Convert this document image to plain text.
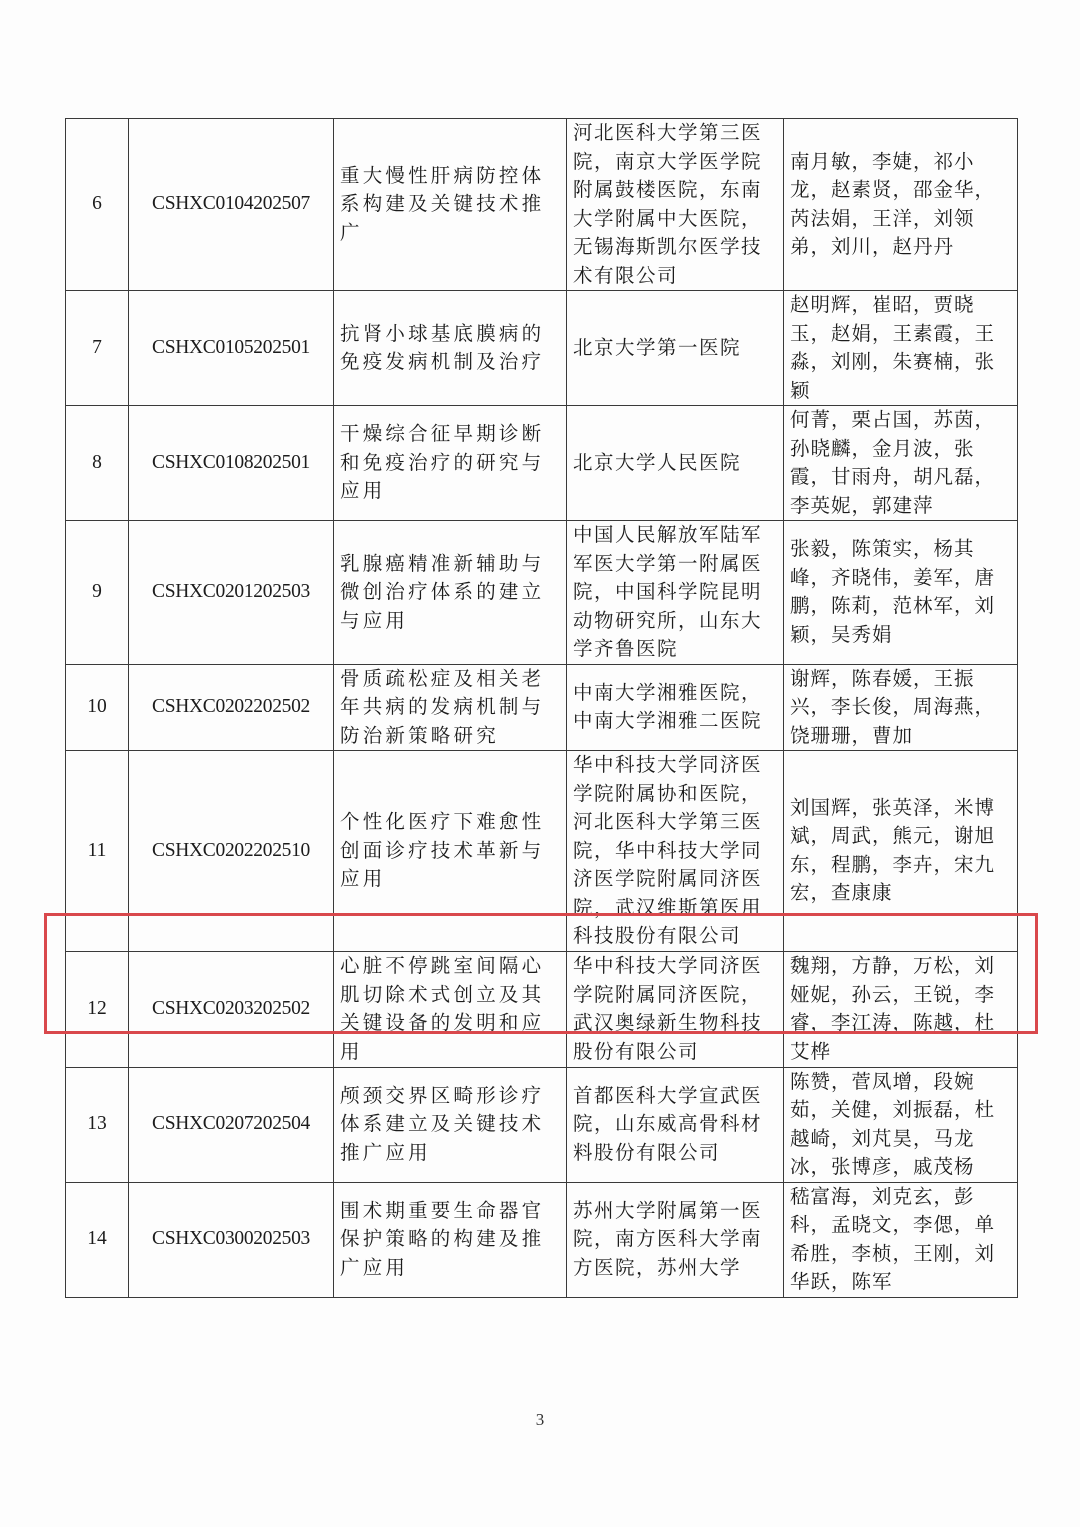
6	CSHXC0104202507	重大慢性肝病防控体系构建及关键技术推广	河北医科大学第三医院，南京大学医学院附属鼓楼医院，东南大学附属中大医院，无锡海斯凯尔医学技术有限公司	南月敏，李婕，祁小龙，赵素贤，邵金华，芮法娟，王洋，刘领弟，刘川，赵丹丹
7	CSHXC0105202501	抗肾小球基底膜病的免疫发病机制及治疗	北京大学第一医院	赵明辉，崔昭，贾晓玉，赵娟，王素霞，王淼，刘刚，朱赛楠，张颖
8	CSHXC0108202501	干燥综合征早期诊断和免疫治疗的研究与应用	北京大学人民医院	何菁，栗占国，苏茵，孙晓麟，金月波，张霞，甘雨舟，胡凡磊，李英妮，郭建萍
9	CSHXC0201202503	乳腺癌精准新辅助与微创治疗体系的建立与应用	中国人民解放军陆军军医大学第一附属医院，中国科学院昆明动物研究所，山东大学齐鲁医院	张毅，陈策实，杨其峰，齐晓伟，姜军，唐鹏，陈莉，范林军，刘颖，吴秀娟
10	CSHXC0202202502	骨质疏松症及相关老年共病的发病机制与防治新策略研究	中南大学湘雅医院，中南大学湘雅二医院	谢辉，陈春媛，王振兴，李长俊，周海燕，饶珊珊，曹加
11	CSHXC0202202510	个性化医疗下难愈性创面诊疗技术革新与应用	华中科技大学同济医学院附属协和医院，河北医科大学第三医院，华中科技大学同济医学院附属同济医院，武汉维斯第医用科技股份有限公司	刘国辉，张英泽，米博斌，周武，熊元，谢旭东，程鹏，李卉，宋九宏，查康康
12	CSHXC0203202502	心脏不停跳室间隔心肌切除术式创立及其关键设备的发明和应用	华中科技大学同济医学院附属同济医院，武汉奥绿新生物科技股份有限公司	魏翔，方静，万松，刘娅妮，孙云，王锐，李睿，李江涛，陈越，杜艾桦
13	CSHXC0207202504	颅颈交界区畸形诊疗体系建立及关键技术推广应用	首都医科大学宣武医院，山东威高骨科材料股份有限公司	陈赞，菅凤增，段婉茹，关健，刘振磊，杜越崎，刘芃昊，马龙冰，张博彦，戚茂杨
14	CSHXC0300202503	围术期重要生命器官保护策略的构建及推广应用	苏州大学附属第一医院，南方医科大学南方医院，苏州大学	嵇富海，刘克玄，彭科，孟晓文，李偲，单希胜，李桢，王刚，刘华跃，陈军
3
